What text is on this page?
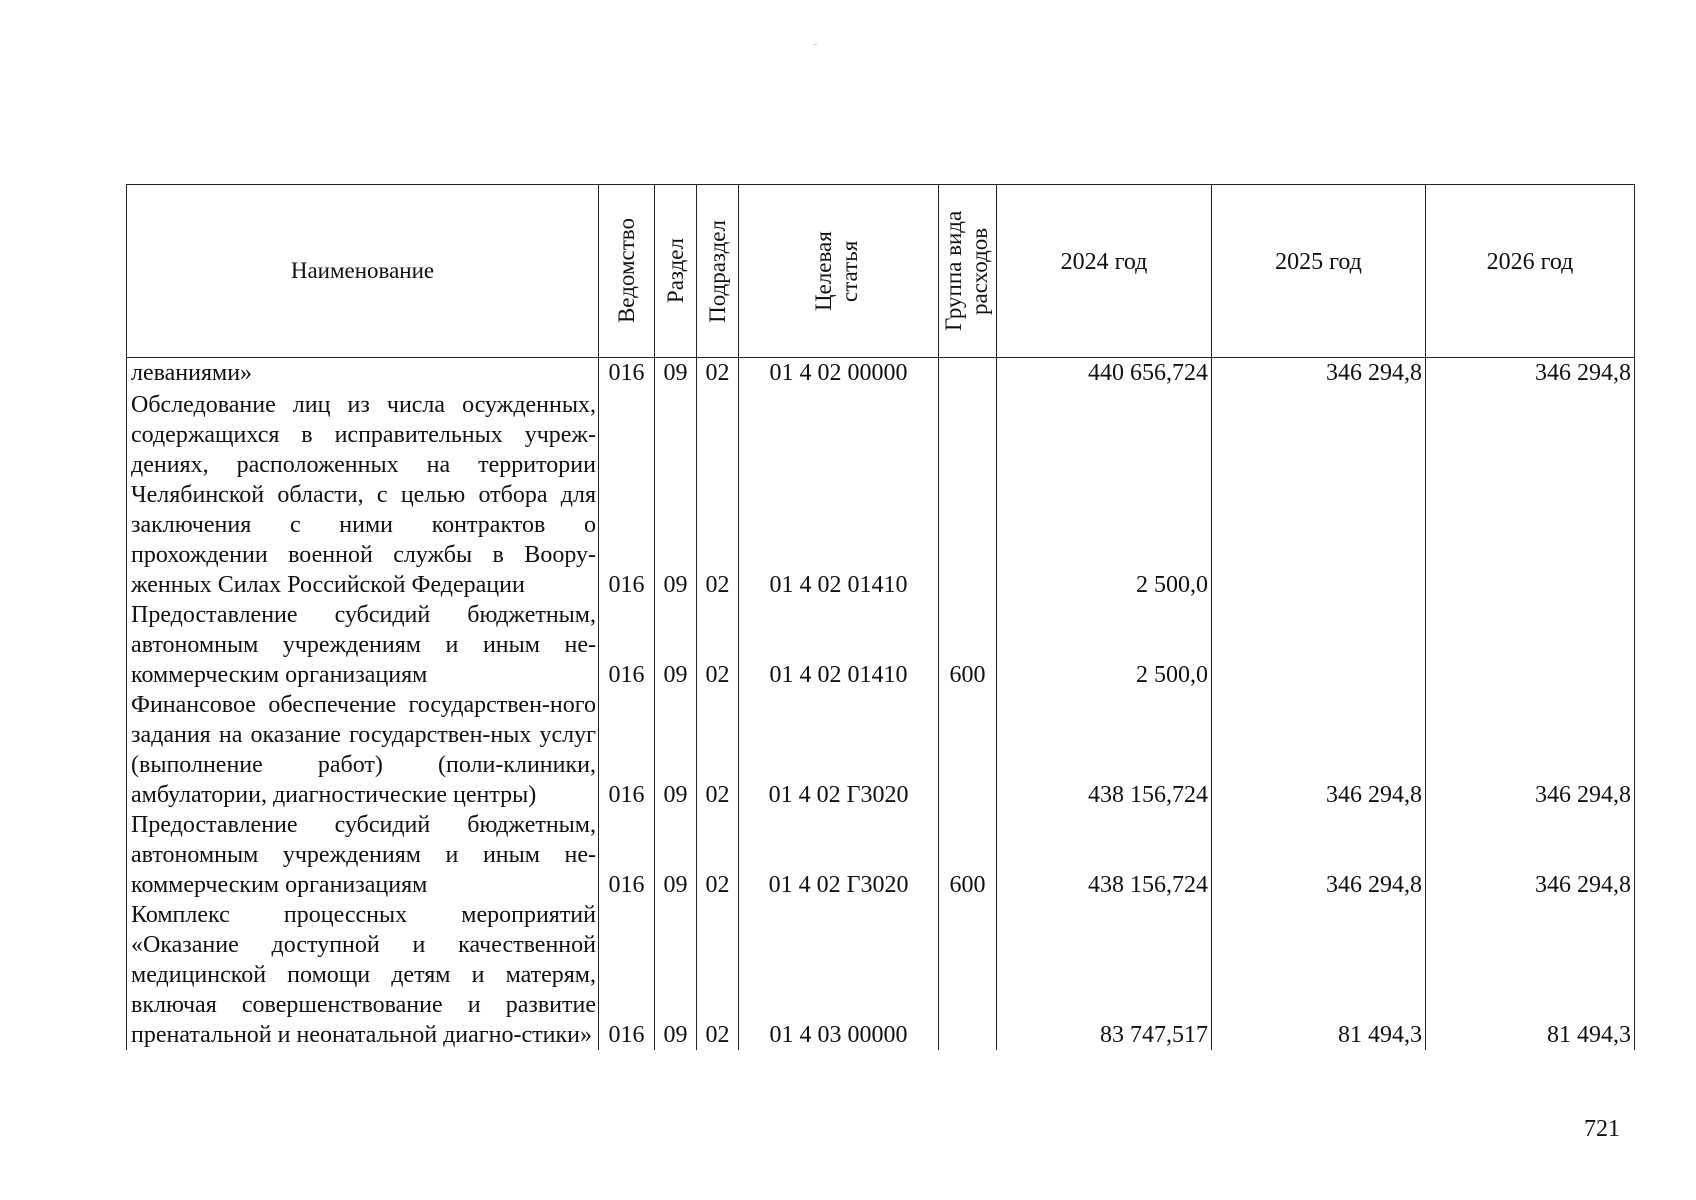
Наименование	Ведомство	Раздел	Подраздел	Целевая статья	Группа вида расходов	2024 год	2025 год	2026 год
леваниями»	016	09	02	01 4 02 00000		440 656,724	346 294,8	346 294,8
Обследование лиц из числа осужденных, содержащихся в исправительных учреж-дениях, расположенных на территории Челябинской области, с целью отбора для заключения с ними контрактов о прохождении военной службы в Воору-женных Силах Российской Федерации	016	09	02	01 4 02 01410		2 500,0		
Предоставление субсидий бюджетным, автономным учреждениям и иным не-коммерческим организациям	016	09	02	01 4 02 01410	600	2 500,0		
Финансовое обеспечение государствен-ного задания на оказание государствен-ных услуг (выполнение работ) (поли-клиники, амбулатории, диагностические центры)	016	09	02	01 4 02 Г3020		438 156,724	346 294,8	346 294,8
Предоставление субсидий бюджетным, автономным учреждениям и иным не-коммерческим организациям	016	09	02	01 4 02 Г3020	600	438 156,724	346 294,8	346 294,8
Комплекс процессных мероприятий «Оказание доступной и качественной медицинской помощи детям и матерям, включая совершенствование и развитие пренатальной и неонатальной диагно-стики»	016	09	02	01 4 03 00000		83 747,517	81 494,3	81 494,3
721
